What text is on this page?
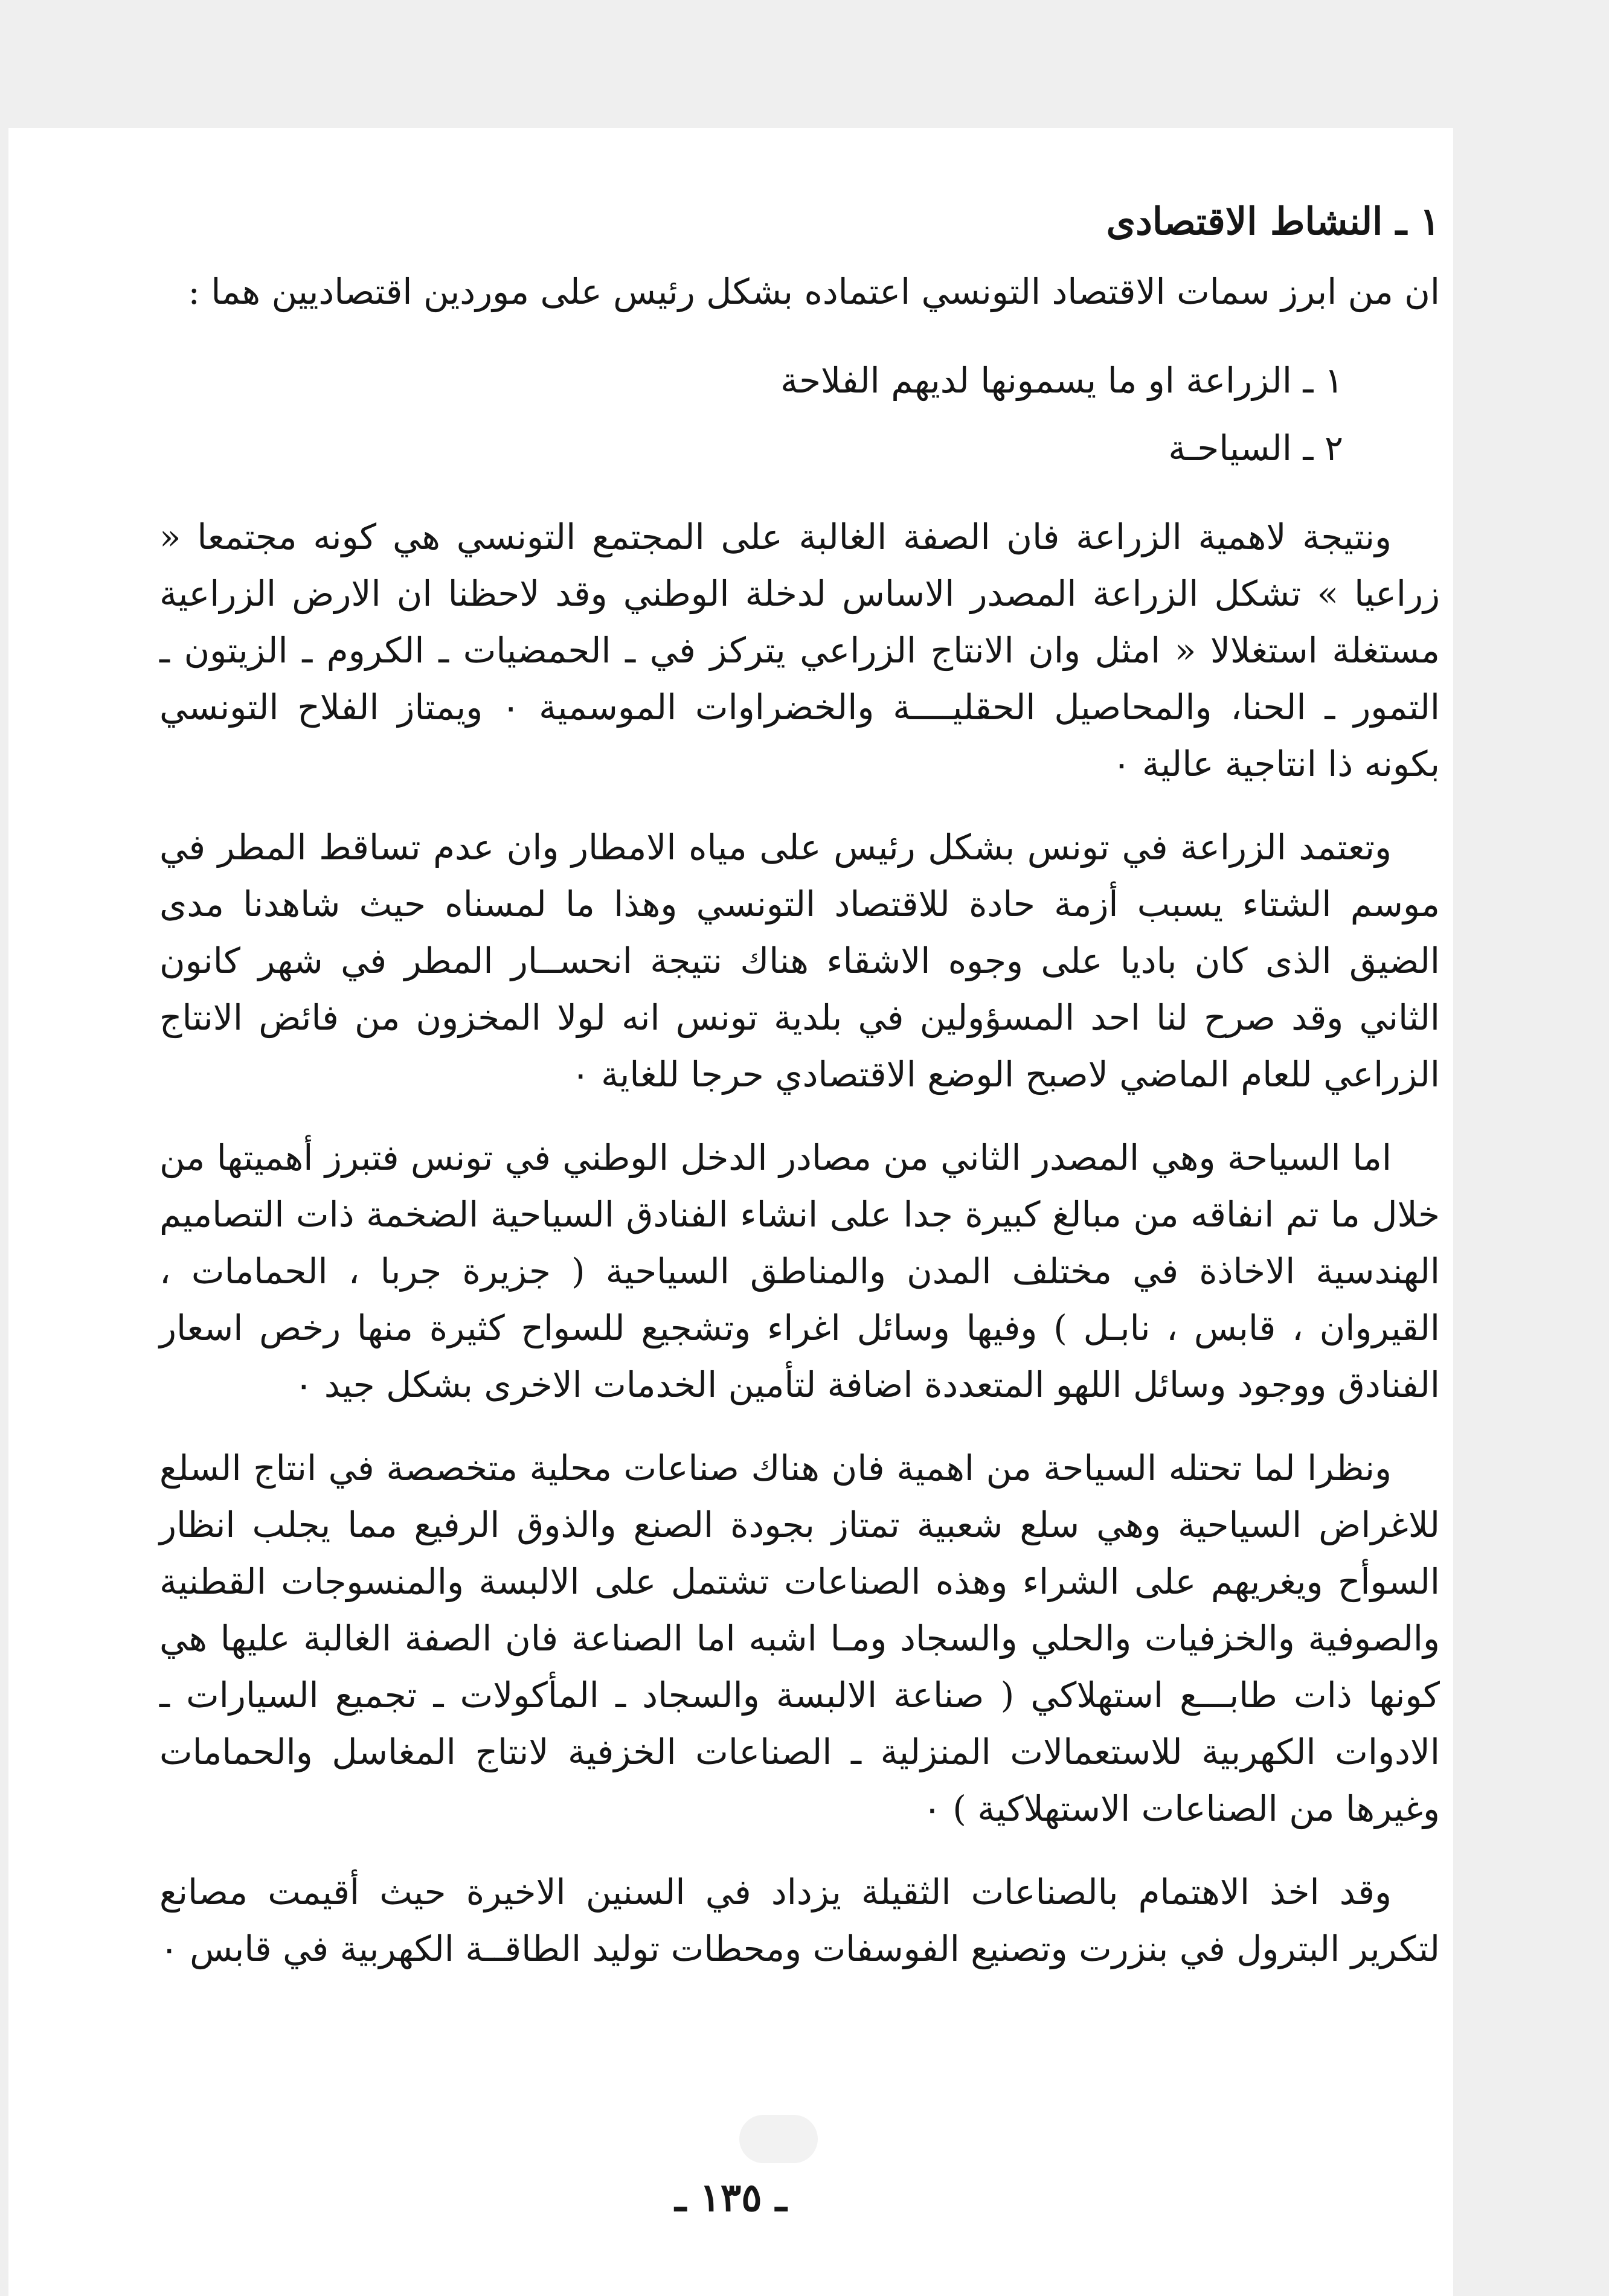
١ ـ النشاط الاقتصادى

ان من ابرز سمات الاقتصاد التونسي اعتماده بشكل رئيس على موردين اقتصاديين هما :

١ ـ الزراعة او ما يسمونها لديهم الفلاحة
٢ ـ السياحـة

ونتيجة لاهمية الزراعة فان الصفة الغالبة على المجتمع التونسي هي كونه مجتمعا « زراعيا » تشكل الزراعة المصدر الاساس لدخلة الوطني وقد لاحظنا ان الارض الزراعية مستغلة استغلالا « امثل وان الانتاج الزراعي يتركز في ـ الحمضيات ـ الكروم ـ الزيتون ـ التمور ـ الحنا، والمحاصيل الحقليــــة والخضراوات الموسمية ٠ ويمتاز الفلاح التونسي بكونه ذا انتاجية عالية ٠

وتعتمد الزراعة في تونس بشكل رئيس على مياه الامطار وان عدم تساقط المطر في موسم الشتاء يسبب أزمة حادة للاقتصاد التونسي وهذا ما لمسناه حيث شاهدنا مدى الضيق الذى كان باديا على وجوه الاشقاء هناك نتيجة انحســار المطر في شهر كانون الثاني وقد صرح لنا احد المسؤولين في بلدية تونس انه لولا المخزون من فائض الانتاج الزراعي للعام الماضي لاصبح الوضع الاقتصادي حرجا للغاية ٠

اما السياحة وهي المصدر الثاني من مصادر الدخل الوطني في تونس فتبرز أهميتها من خلال ما تم انفاقه من مبالغ كبيرة جدا على انشاء الفنادق السياحية الضخمة ذات التصاميم الهندسية الاخاذة في مختلف المدن والمناطق السياحية ( جزيرة جربا ، الحمامات ، القيروان ، قابس ، نابـل ) وفيها وسائل اغراء وتشجيع للسواح كثيرة منها رخص اسعار الفنادق ووجود وسائل اللهو المتعددة اضافة لتأمين الخدمات الاخرى بشكل جيد ٠

ونظرا لما تحتله السياحة من اهمية فان هناك صناعات محلية متخصصة في انتاج السلع للاغراض السياحية وهي سلع شعبية تمتاز بجودة الصنع والذوق الرفيع مما يجلب انظار السوأح ويغريهم على الشراء وهذه الصناعات تشتمل على الالبسة والمنسوجات القطنية والصوفية والخزفيات والحلي والسجاد ومـا اشبه اما الصناعة فان الصفة الغالبة عليها هي كونها ذات طابـــع استهلاكي ( صناعة الالبسة والسجاد ـ المأكولات ـ تجميع السيارات ـ الادوات الكهربية للاستعمالات المنزلية ـ الصناعات الخزفية لانتاج المغاسل والحمامات وغيرها من الصناعات الاستهلاكية ) ٠

وقد اخذ الاهتمام بالصناعات الثقيلة يزداد في السنين الاخيرة حيث أقيمت مصانع لتكرير البترول في بنزرت وتصنيع الفوسفات ومحطات توليد الطاقــة الكهربية في قابس ٠

ـ ١٣٥ ـ
